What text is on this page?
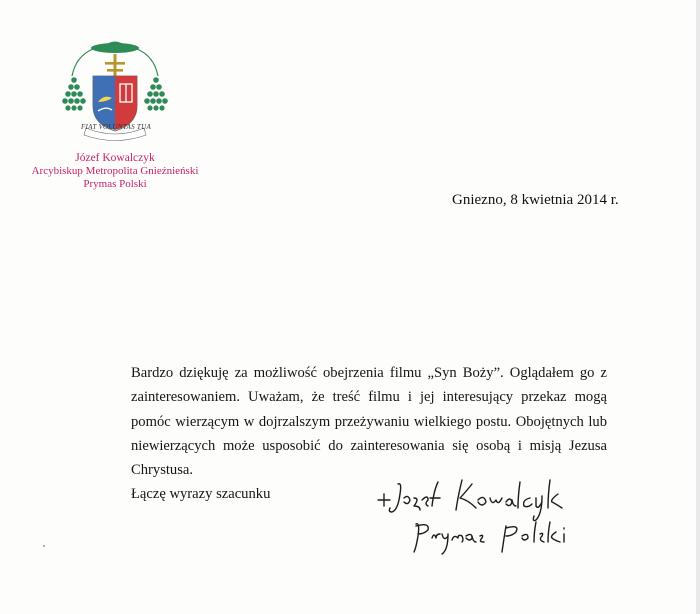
FIAT VOLUNTAS TUA
Józef Kowalczyk
Arcybiskup Metropolita Gnieźnieński
Prymas Polski
Gniezno, 8 kwietnia 2014 r.

Bardzo dziękuję za możliwość obejrzenia filmu „Syn Boży”. Oglądałem go z zainteresowaniem. Uważam, że treść filmu i jej interesujący przekaz mogą pomóc wierzącym w dojrzalszym przeżywaniu wielkiego postu. Obojętnych lub niewierzących może usposobić do zainteresowania się osobą i misją Jezusa Chrystusa.

Łączę wyrazy szacunku
